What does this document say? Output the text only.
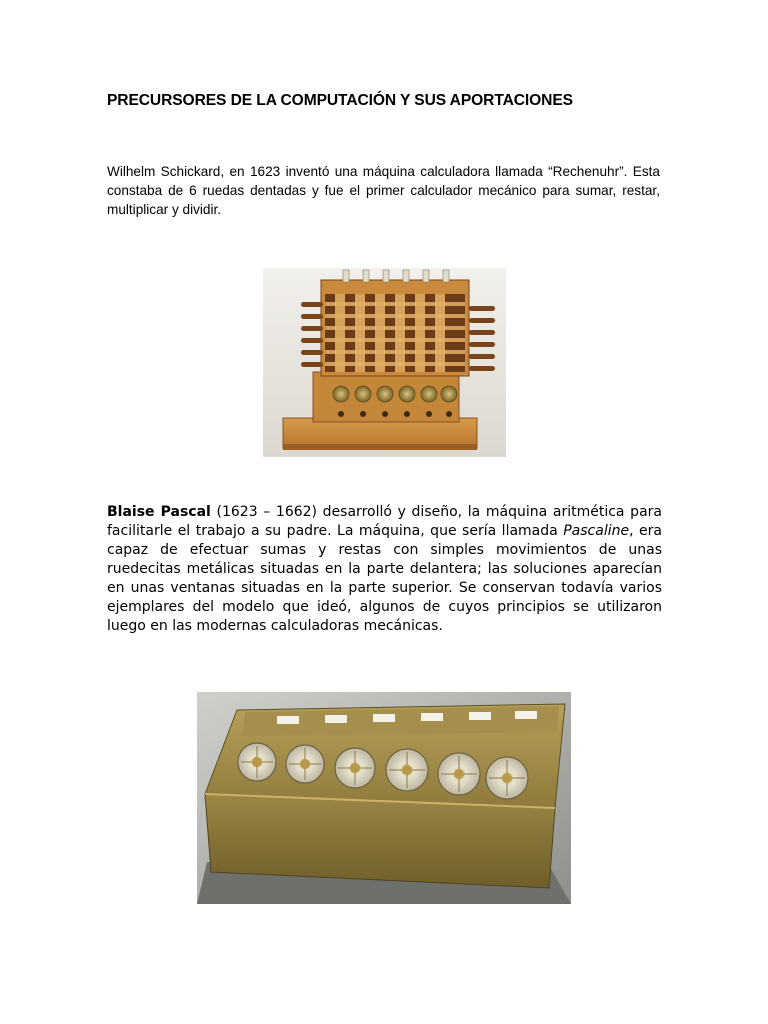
PRECURSORES DE LA COMPUTACIÓN Y SUS APORTACIONES

Wilhelm Schickard, en 1623 inventó una máquina calculadora llamada “Rechenuhr”. Esta constaba de 6 ruedas dentadas y fue el primer calculador mecánico para sumar, restar, multiplicar y dividir.

Blaise Pascal (1623 – 1662) desarrolló y diseño, la máquina aritmética para facilitarle el trabajo a su padre. La máquina, que sería llamada Pascaline, era capaz de efectuar sumas y restas con simples movimientos de unas ruedecitas metálicas situadas en la parte delantera; las soluciones aparecían en unas ventanas situadas en la parte superior. Se conservan todavía varios ejemplares del modelo que ideó, algunos de cuyos principios se utilizaron luego en las modernas calculadoras mecánicas.
